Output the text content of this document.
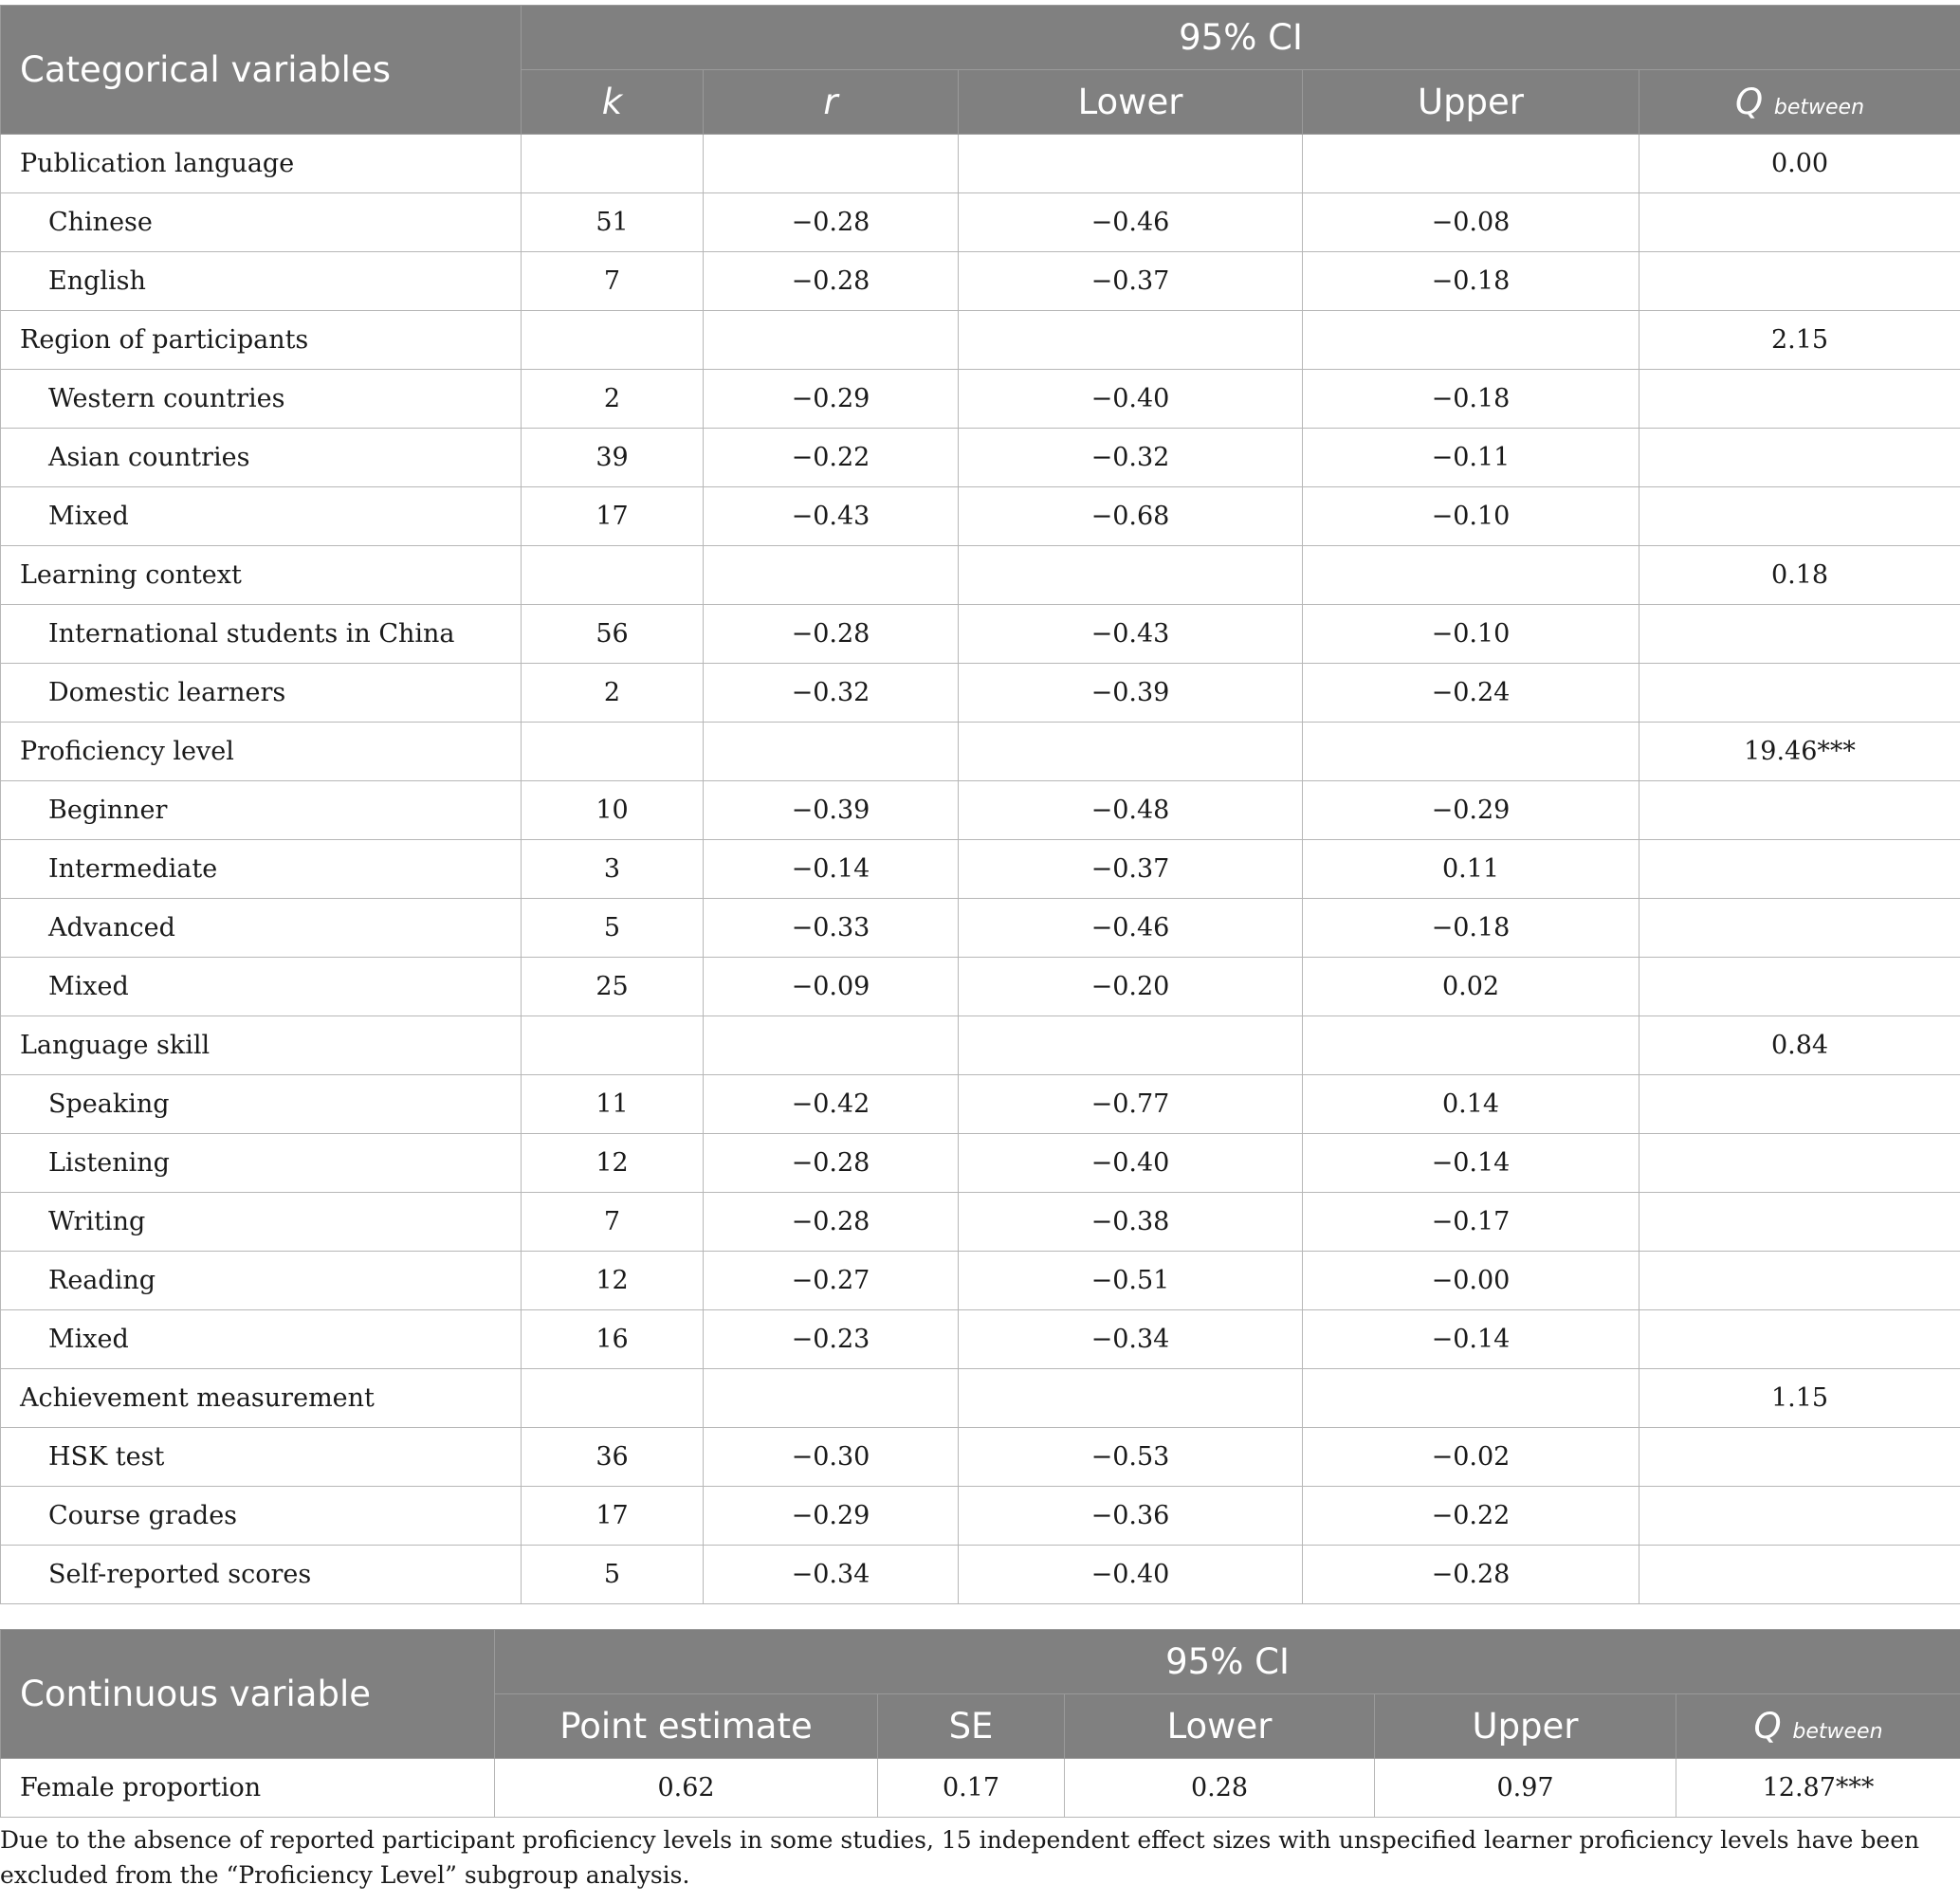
Categorical variables	95% CI				
	k	r	Lower	Upper	Q between
Publication language					0.00
Chinese	51	−0.28	−0.46	−0.08	
English	7	−0.28	−0.37	−0.18	
Region of participants					2.15
Western countries	2	−0.29	−0.40	−0.18	
Asian countries	39	−0.22	−0.32	−0.11	
Mixed	17	−0.43	−0.68	−0.10	
Learning context					0.18
International students in China	56	−0.28	−0.43	−0.10	
Domestic learners	2	−0.32	−0.39	−0.24	
Proficiency level					19.46***
Beginner	10	−0.39	−0.48	−0.29	
Intermediate	3	−0.14	−0.37	0.11	
Advanced	5	−0.33	−0.46	−0.18	
Mixed	25	−0.09	−0.20	0.02	
Language skill					0.84
Speaking	11	−0.42	−0.77	0.14	
Listening	12	−0.28	−0.40	−0.14	
Writing	7	−0.28	−0.38	−0.17	
Reading	12	−0.27	−0.51	−0.00	
Mixed	16	−0.23	−0.34	−0.14	
Achievement measurement					1.15
HSK test	36	−0.30	−0.53	−0.02	
Course grades	17	−0.29	−0.36	−0.22	
Self-reported scores	5	−0.34	−0.40	−0.28	
Continuous variable	95% CI				
	Point estimate	SE	Lower	Upper	Q between
Female proportion	0.62	0.17	0.28	0.97	12.87***

Due to the absence of reported participant proficiency levels in some studies, 15 independent effect sizes with unspecified learner proficiency levels have been excluded from the “Proficiency Level” subgroup analysis.
